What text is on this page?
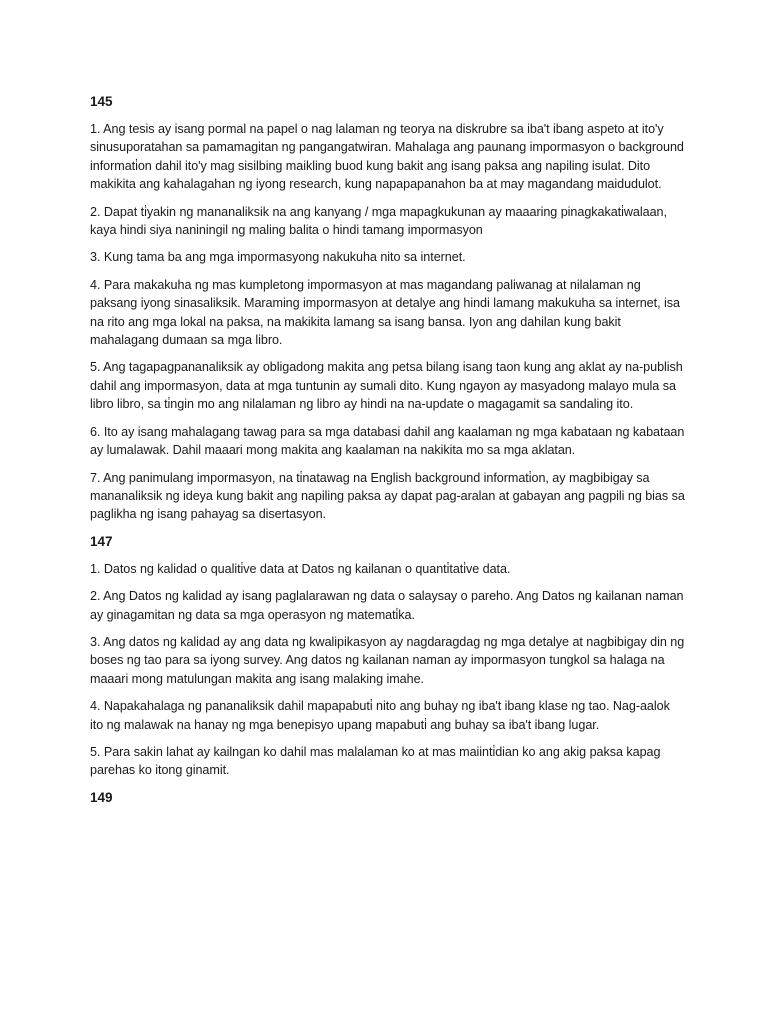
145

1. Ang tesis ay isang pormal na papel o nag lalaman ng teorya na diskrubre sa iba't ibang aspeto at ito'y sinusuporatahan sa pamamagitan ng pangangatwiran. Mahalaga ang paunang impormasyon o background informati̇on dahil ito'y mag sisilbing maikling buod kung bakit ang isang paksa ang napiling isulat. Dito makikita ang kahalagahan ng iyong research, kung napapapanahon ba at may magandang maidudulot.

2. Dapat ti̇yakin ng mananaliksik na ang kanyang / mga mapagkukunan ay maaaring pinagkakati̇walaan, kaya hindi siya naniningil ng maling balita o hindi tamang impormasyon

3. Kung tama ba ang mga impormasyong nakukuha nito sa internet.

4. Para makakuha ng mas kumpletong impormasyon at mas magandang paliwanag at nilalaman ng paksang iyong sinasaliksik. Maraming impormasyon at detalye ang hindi lamang makukuha sa internet, isa na rito ang mga lokal na paksa, na makikita lamang sa isang bansa. Iyon ang dahilan kung bakit mahalagang dumaan sa mga libro.

5. Ang tagapagpananaliksik ay obligadong makita ang petsa bilang isang taon kung ang aklat ay na-publish dahil ang impormasyon, data at mga tuntunin ay sumali dito. Kung ngayon ay masyadong malayo mula sa libro libro, sa ti̇ngin mo ang nilalaman ng libro ay hindi na na-update o magagamit sa sandaling ito.

6. Ito ay isang mahalagang tawag para sa mga databasi dahil ang kaalaman ng mga kabataan ng kabataan ay lumalawak. Dahil maaari mong makita ang kaalaman na nakikita mo sa mga aklatan.

7. Ang panimulang impormasyon, na ti̇natawag na English background informati̇on, ay magbibigay sa mananaliksik ng ideya kung bakit ang napiling paksa ay dapat pag-aralan at gabayan ang pagpili ng bias sa paglikha ng isang pahayag sa disertasyon.

147

1. Datos ng kalidad o qualiti̇ve data at Datos ng kailanan o quanti̇tati̇ve data.

2. Ang Datos ng kalidad ay isang paglalarawan ng data o salaysay o pareho. Ang Datos ng kailanan naman ay ginagamitan ng data sa mga operasyon ng matemati̇ka.

3. Ang datos ng kalidad ay ang data ng kwalipikasyon ay nagdaragdag ng mga detalye at nagbibigay din ng boses ng tao para sa iyong survey. Ang datos ng kailanan naman ay impormasyon tungkol sa halaga na maaari mong matulungan makita ang isang malaking imahe.

4. Napakahalaga ng pananaliksik dahil mapapabuti̇ nito ang buhay ng iba't ibang klase ng tao. Nag-aalok ito ng malawak na hanay ng mga benepisyo upang mapabuti̇ ang buhay sa iba't ibang lugar.

5. Para sakin lahat ay kailngan ko dahil mas malalaman ko at mas maiinti̇dian ko ang akig paksa kapag parehas ko itong ginamit.

149
